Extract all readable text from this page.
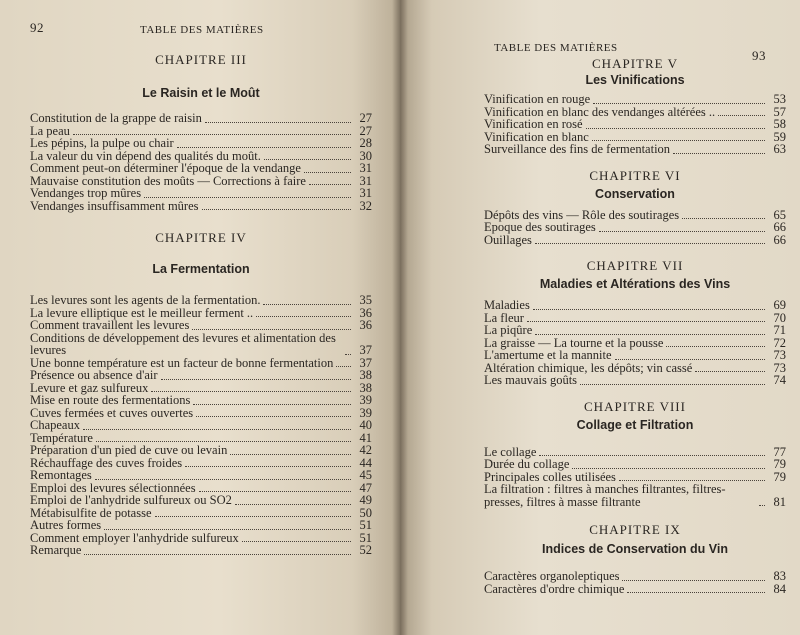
92	TABLE DES MATIÈRES
CHAPITRE III
Le Raisin et le Moût
Constitution de la grappe de raisin	27
La peau	27
Les pépins, la pulpe ou chair	28
La valeur du vin dépend des qualités du moût.	30
Comment peut-on déterminer l'époque de la vendange	31
Mauvaise constitution des moûts — Corrections à faire	31
Vendanges trop mûres	31
Vendanges insuffisamment mûres	32
CHAPITRE IV
La Fermentation
Les levures sont les agents de la fermentation.	35
La levure elliptique est le meilleur ferment ..	36
Comment travaillent les levures	36
Conditions de développement des levures et alimentation des levures	37
Une bonne température est un facteur de bonne fermentation	37
Présence ou absence d'air	38
Levure et gaz sulfureux	38
Mise en route des fermentations	39
Cuves fermées et cuves ouvertes	39
Chapeaux	40
Température	41
Préparation d'un pied de cuve ou levain	42
Réchauffage des cuves froides	44
Remontages	45
Emploi des levures sélectionnées	47
Emploi de l'anhydride sulfureux ou SO2	49
Métabisulfite de potasse	50
Autres formes	51
Comment employer l'anhydride sulfureux	51
Remarque	52
TABLE DES MATIÈRES	93
CHAPITRE V
Les Vinifications
Vinification en rouge	53
Vinification en blanc des vendanges altérées ..	57
Vinification en rosé	58
Vinification en blanc	59
Surveillance des fins de fermentation	63
CHAPITRE VI
Conservation
Dépôts des vins — Rôle des soutirages	65
Epoque des soutirages	66
Ouillages	66
CHAPITRE VII
Maladies et Altérations des Vins
Maladies	69
La fleur	70
La piqûre	71
La graisse — La tourne et la pousse	72
L'amertume et la mannite	73
Altération chimique, les dépôts; vin cassé	73
Les mauvais goûts	74
CHAPITRE VIII
Collage et Filtration
Le collage	77
Durée du collage	79
Principales colles utilisées	79
La filtration : filtres à manches filtrantes, filtres-presses, filtres à masse filtrante	81
CHAPITRE IX
Indices de Conservation du Vin
Caractères organoleptiques	83
Caractères d'ordre chimique	84
